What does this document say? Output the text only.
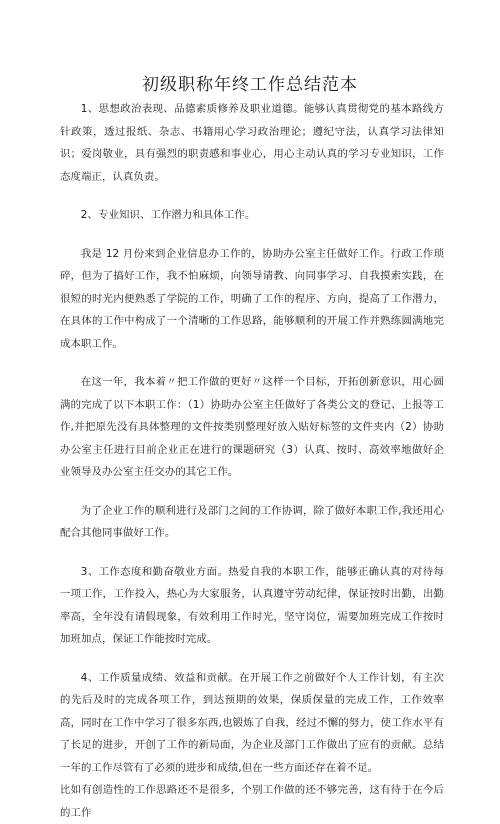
初级职称年终工作总结范本

1、思想政治表现、品德素质修养及职业道德。能够认真贯彻党的基本路线方针政策，透过报纸、杂志、书籍用心学习政治理论；遵纪守法，认真学习法律知识；爱岗敬业，具有强烈的职责感和事业心，用心主动认真的学习专业知识，工作态度端正，认真负责。

2、专业知识、工作潜力和具体工作。

我是 12 月份来到企业信息办工作的，协助办公室主任做好工作。行政工作琐碎，但为了搞好工作，我不怕麻烦，向领导请教、向同事学习、自我摸索实践，在很短的时光内便熟悉了学院的工作，明确了工作的程序、方向，提高了工作潜力，在具体的工作中构成了一个清晰的工作思路，能够顺利的开展工作并熟练圆满地完成本职工作。

在这一年，我本着〃把工作做的更好〃这样一个目标，开拓创新意识，用心圆满的完成了以下本职工作：（1）协助办公室主任做好了各类公文的登记、上报等工作,并把原先没有具体整理的文件按类别整理好放入贴好标签的文件夹内（2）协助办公室主任进行目前企业正在进行的课题研究（3）认真、按时、高效率地做好企业领导及办公室主任交办的其它工作。

为了企业工作的顺利进行及部门之间的工作协调，除了做好本职工作,我还用心配合其他同事做好工作。

3、工作态度和勤奋敬业方面。热爱自我的本职工作，能够正确认真的对待每一项工作，工作投入，热心为大家服务，认真遵守劳动纪律，保证按时出勤，出勤率高，全年没有请假现象，有效利用工作时光，坚守岗位，需要加班完成工作按时加班加点，保证工作能按时完成。

4、工作质量成绩、效益和贡献。在开展工作之前做好个人工作计划，有主次的先后及时的完成各项工作，到达预期的效果，保质保量的完成工作，工作效率高，同时在工作中学习了很多东西,也锻炼了自我，经过不懈的努力，使工作水平有了长足的进步，开创了工作的新局面，为企业及部门工作做出了应有的贡献。总结一年的工作尽管有了必须的进步和成绩,但在一些方面还存在着不足。

比如有创造性的工作思路还不是很多，个别工作做的还不够完善，这有待于在今后的工作
